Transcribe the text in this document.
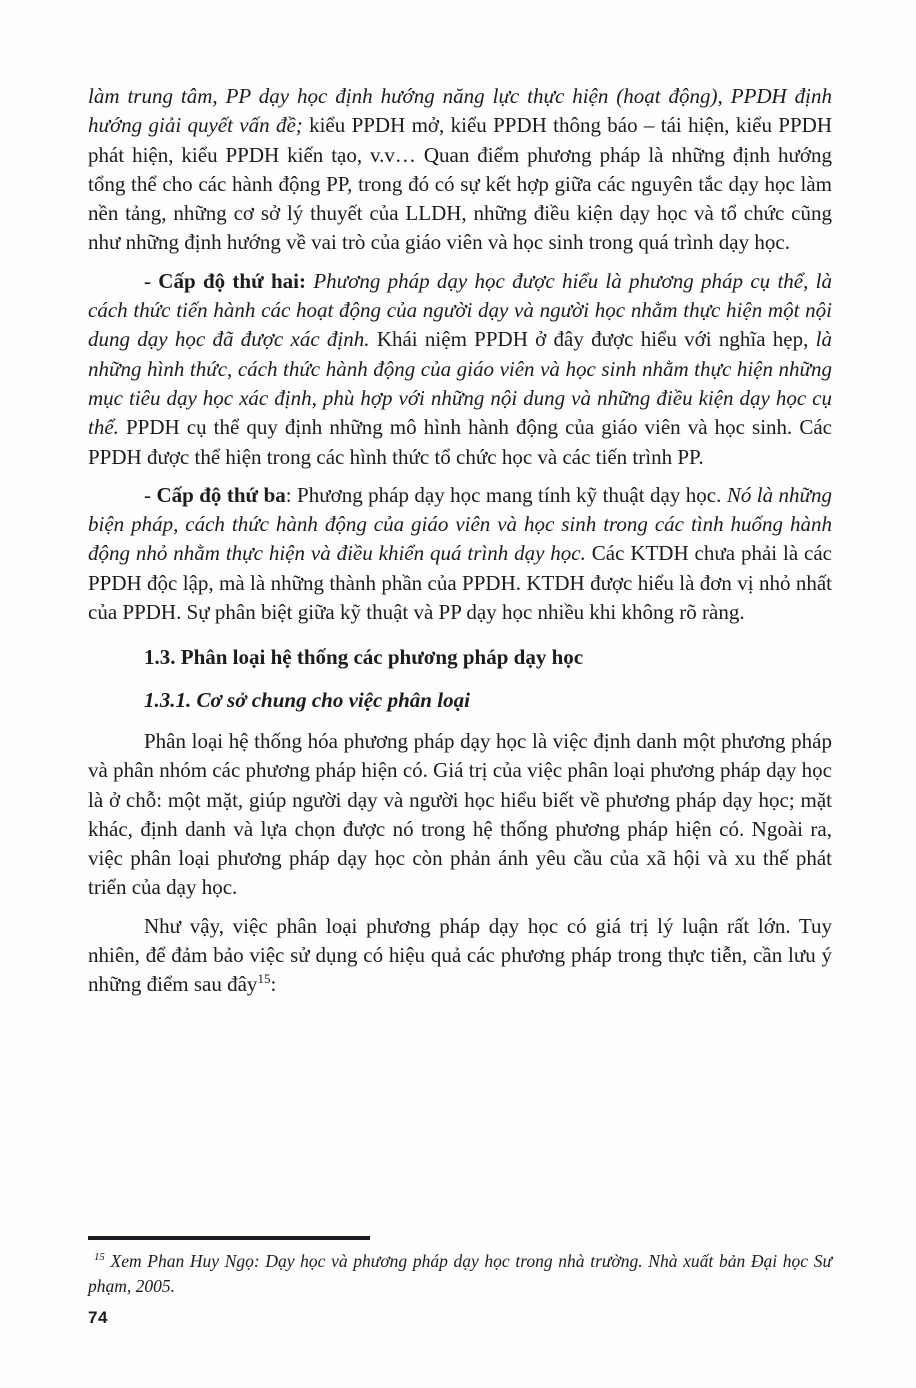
làm trung tâm, PP dạy học định hướng năng lực thực hiện (hoạt động), PPDH định hướng giải quyết vấn đề; kiểu PPDH mở, kiểu PPDH thông báo – tái hiện, kiểu PPDH phát hiện, kiểu PPDH kiến tạo, v.v… Quan điểm phương pháp là những định hướng tổng thể cho các hành động PP, trong đó có sự kết hợp giữa các nguyên tắc dạy học làm nền tảng, những cơ sở lý thuyết của LLDH, những điều kiện dạy học và tổ chức cũng như những định hướng về vai trò của giáo viên và học sinh trong quá trình dạy học.

- Cấp độ thứ hai: Phương pháp dạy học được hiểu là phương pháp cụ thể, là cách thức tiến hành các hoạt động của người dạy và người học nhằm thực hiện một nội dung dạy học đã được xác định. Khái niệm PPDH ở đây được hiểu với nghĩa hẹp, là những hình thức, cách thức hành động của giáo viên và học sinh nhằm thực hiện những mục tiêu dạy học xác định, phù hợp với những nội dung và những điều kiện dạy học cụ thể. PPDH cụ thể quy định những mô hình hành động của giáo viên và học sinh. Các PPDH được thể hiện trong các hình thức tổ chức học và các tiến trình PP.

- Cấp độ thứ ba: Phương pháp dạy học mang tính kỹ thuật dạy học. Nó là những biện pháp, cách thức hành động của giáo viên và học sinh trong các tình huống hành động nhỏ nhằm thực hiện và điều khiển quá trình dạy học. Các KTDH chưa phải là các PPDH độc lập, mà là những thành phần của PPDH. KTDH được hiểu là đơn vị nhỏ nhất của PPDH. Sự phân biệt giữa kỹ thuật và PP dạy học nhiều khi không rõ ràng.

1.3. Phân loại hệ thống các phương pháp dạy học

1.3.1. Cơ sở chung cho việc phân loại

Phân loại hệ thống hóa phương pháp dạy học là việc định danh một phương pháp và phân nhóm các phương pháp hiện có. Giá trị của việc phân loại phương pháp dạy học là ở chỗ: một mặt, giúp người dạy và người học hiểu biết về phương pháp dạy học; mặt khác, định danh và lựa chọn được nó trong hệ thống phương pháp hiện có. Ngoài ra, việc phân loại phương pháp dạy học còn phản ánh yêu cầu của xã hội và xu thế phát triển của dạy học.

Như vậy, việc phân loại phương pháp dạy học có giá trị lý luận rất lớn. Tuy nhiên, để đảm bảo việc sử dụng có hiệu quả các phương pháp trong thực tiễn, cần lưu ý những điểm sau đây$^{15}$:

$^{15}$ Xem Phan Huy Ngọ: Dạy học và phương pháp dạy học trong nhà trường. Nhà xuất bản Đại học Sư phạm, 2005.

74
